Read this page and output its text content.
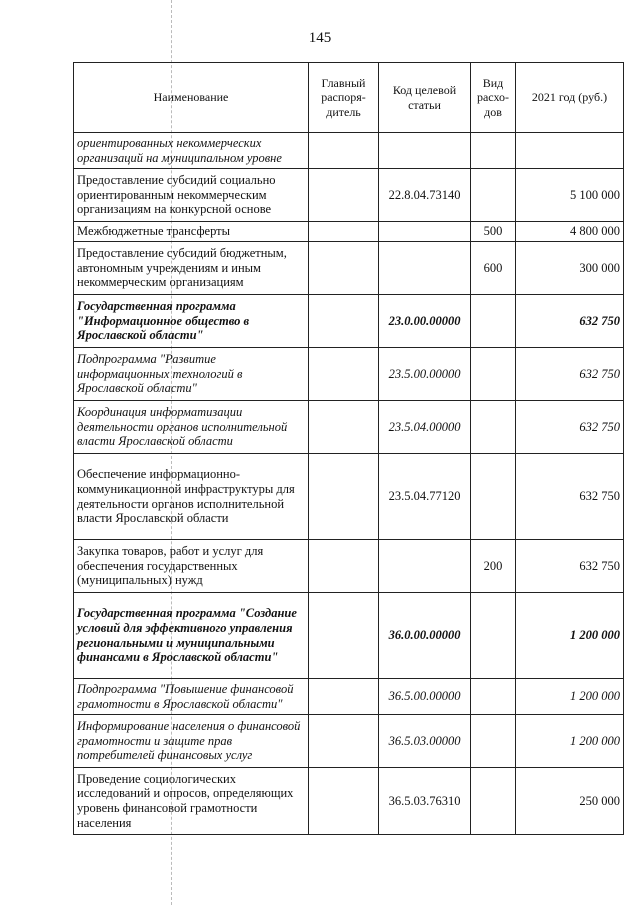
145
Наименование	Главный распоря-дитель	Код целевой статьи	Вид расхо-дов	2021 год (руб.)
ориентированных некоммерческих организаций на муниципальном уровне				
Предоставление субсидий социально ориентированным некоммерческим организациям на конкурсной основе		22.8.04.73140		5 100 000
Межбюджетные трансферты			500	4 800 000
Предоставление субсидий бюджетным, автономным учреждениям и иным некоммерческим организациям			600	300 000
Государственная программа "Информационное общество в Ярославской области"		23.0.00.00000		632 750
Подпрограмма "Развитие информационных технологий в Ярославской области"		23.5.00.00000		632 750
Координация информатизации деятельности органов исполнительной власти Ярославской области		23.5.04.00000		632 750
Обеспечение информационно-коммуникационной инфраструктуры для деятельности органов исполнительной власти Ярославской области		23.5.04.77120		632 750
Закупка товаров, работ и услуг для обеспечения государственных (муниципальных) нужд			200	632 750
Государственная программа "Создание условий для эффективного управления региональными и муниципальными финансами в Ярославской области"		36.0.00.00000		1 200 000
Подпрограмма "Повышение финансовой грамотности в Ярославской области"		36.5.00.00000		1 200 000
Информирование населения о финансовой грамотности и защите прав потребителей финансовых услуг		36.5.03.00000		1 200 000
Проведение социологических исследований и опросов, определяющих уровень финансовой грамотности населения		36.5.03.76310		250 000
